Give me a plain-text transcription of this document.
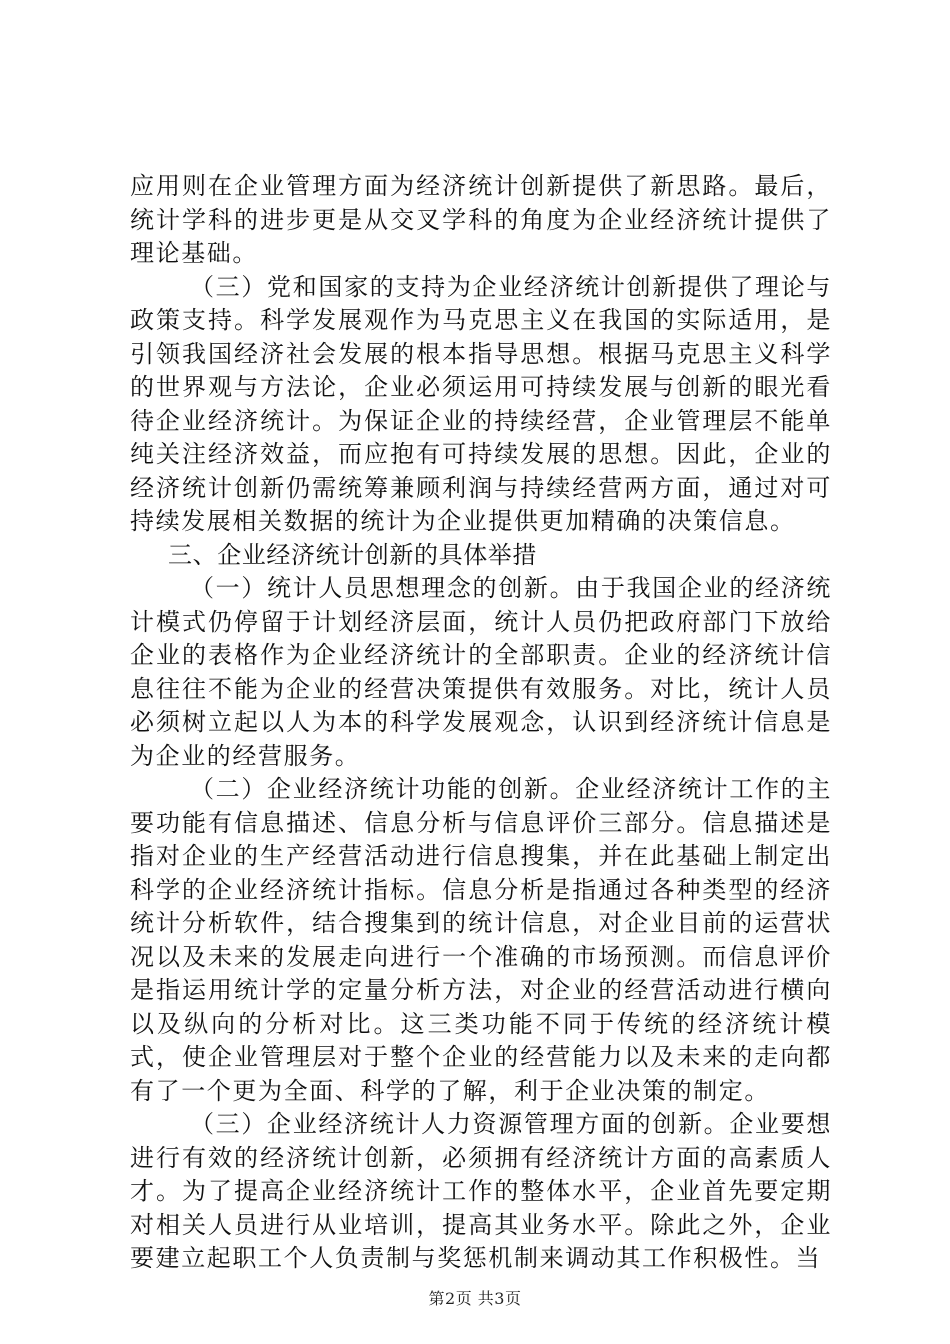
应用则在企业管理方面为经济统计创新提供了新思路。最后，统计学科的进步更是从交叉学科的角度为企业经济统计提供了理论基础。

（三）党和国家的支持为企业经济统计创新提供了理论与政策支持。科学发展观作为马克思主义在我国的实际适用，是引领我国经济社会发展的根本指导思想。根据马克思主义科学的世界观与方法论，企业必须运用可持续发展与创新的眼光看待企业经济统计。为保证企业的持续经营，企业管理层不能单纯关注经济效益，而应抱有可持续发展的思想。因此，企业的经济统计创新仍需统筹兼顾利润与持续经营两方面，通过对可持续发展相关数据的统计为企业提供更加精确的决策信息。

三、企业经济统计创新的具体举措

（一）统计人员思想理念的创新。由于我国企业的经济统计模式仍停留于计划经济层面，统计人员仍把政府部门下放给企业的表格作为企业经济统计的全部职责。企业的经济统计信息往往不能为企业的经营决策提供有效服务。对比，统计人员必须树立起以人为本的科学发展观念，认识到经济统计信息是为企业的经营服务。

（二）企业经济统计功能的创新。企业经济统计工作的主要功能有信息描述、信息分析与信息评价三部分。信息描述是指对企业的生产经营活动进行信息搜集，并在此基础上制定出科学的企业经济统计指标。信息分析是指通过各种类型的经济统计分析软件，结合搜集到的统计信息，对企业目前的运营状况以及未来的发展走向进行一个准确的市场预测。而信息评价是指运用统计学的定量分析方法，对企业的经营活动进行横向以及纵向的分析对比。这三类功能不同于传统的经济统计模式，使企业管理层对于整个企业的经营能力以及未来的走向都有了一个更为全面、科学的了解，利于企业决策的制定。

（三）企业经济统计人力资源管理方面的创新。企业要想进行有效的经济统计创新，必须拥有经济统计方面的高素质人才。为了提高企业经济统计工作的整体水平，企业首先要定期对相关人员进行从业培训，提高其业务水平。除此之外，企业要建立起职工个人负责制与奖惩机制来调动其工作积极性。当

第2页 共3页
